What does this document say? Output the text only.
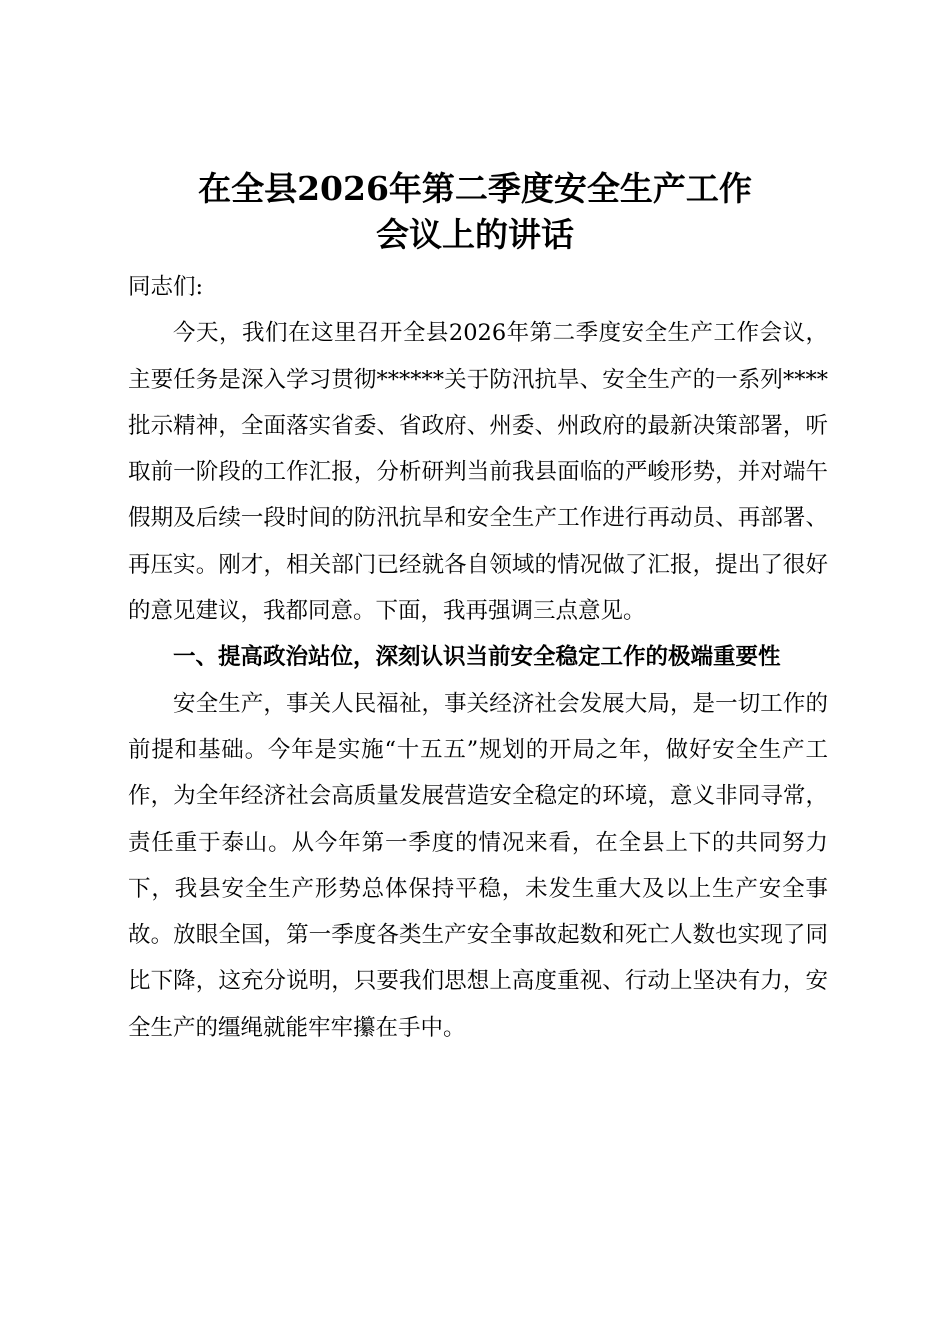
在全县2026年第二季度安全生产工作
会议上的讲话

同志们:

今天，我们在这里召开全县2026年第二季度安全生产工作会议，主要任务是深入学习贯彻******关于防汛抗旱、安全生产的一系列****批示精神，全面落实省委、省政府、州委、州政府的最新决策部署，听取前一阶段的工作汇报，分析研判当前我县面临的严峻形势，并对端午假期及后续一段时间的防汛抗旱和安全生产工作进行再动员、再部署、再压实。刚才，相关部门已经就各自领域的情况做了汇报，提出了很好的意见建议，我都同意。下面，我再强调三点意见。

一、提高政治站位，深刻认识当前安全稳定工作的极端重要性

安全生产，事关人民福祉，事关经济社会发展大局，是一切工作的前提和基础。今年是实施“十五五”规划的开局之年，做好安全生产工作，为全年经济社会高质量发展营造安全稳定的环境，意义非同寻常，责任重于泰山。从今年第一季度的情况来看，在全县上下的共同努力下，我县安全生产形势总体保持平稳，未发生重大及以上生产安全事故。放眼全国，第一季度各类生产安全事故起数和死亡人数也实现了同比下降，这充分说明，只要我们思想上高度重视、行动上坚决有力，安全生产的缰绳就能牢牢攥在手中。
